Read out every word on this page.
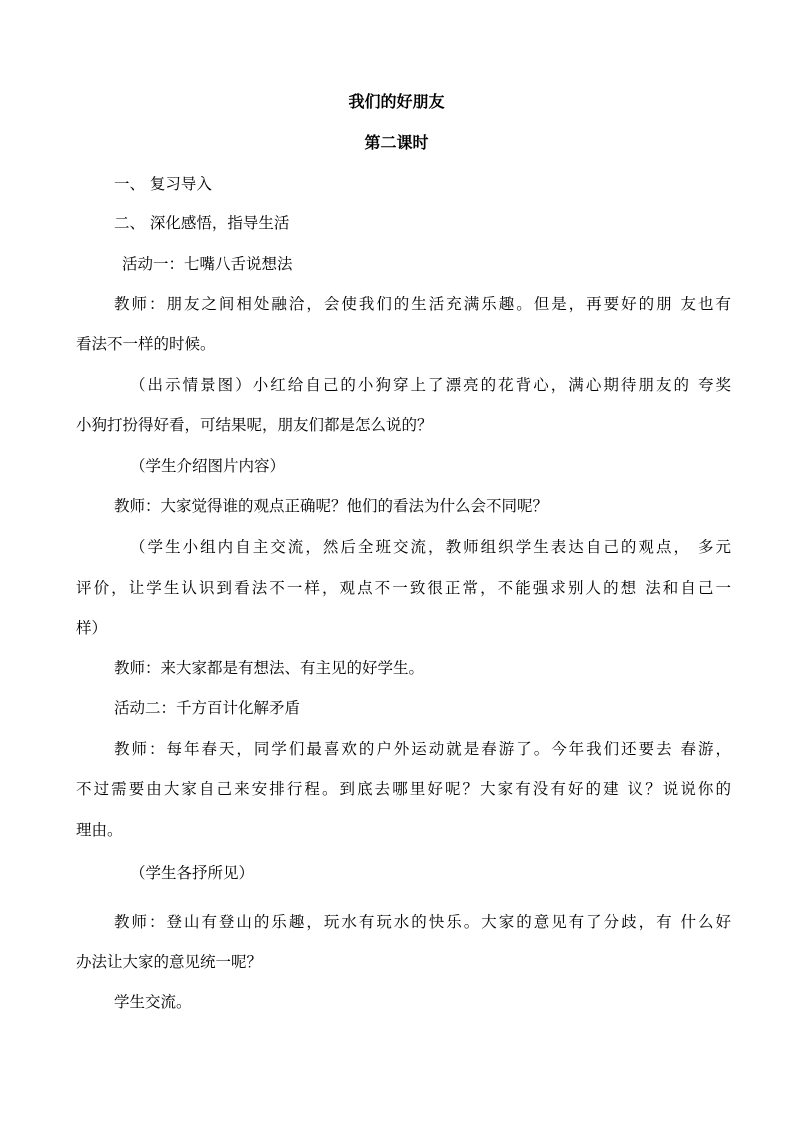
我们的好朋友
第二课时

一、 复习导入

二、 深化感悟，指导生活

活动一：七嘴八舌说想法

教师：朋友之间相处融洽，会使我们的生活充满乐趣。但是，再要好的朋 友也有

看法不一样的时候。

（出示情景图）小红给自己的小狗穿上了漂亮的花背心，满心期待朋友的 夸奖

小狗打扮得好看，可结果呢，朋友们都是怎么说的？

（学生介绍图片内容）

教师：大家觉得谁的观点正确呢？他们的看法为什么会不同呢？

（学生小组内自主交流，然后全班交流，教师组织学生表达自己的观点， 多元

评价，让学生认识到看法不一样，观点不一致很正常，不能强求别人的想 法和自己一

样）

教师：来大家都是有想法、有主见的好学生。

活动二：千方百计化解矛盾

教师：每年春天，同学们最喜欢的户外运动就是春游了。今年我们还要去 春游，

不过需要由大家自己来安排行程。到底去哪里好呢？大家有没有好的建 议？说说你的

理由。

（学生各抒所见）

教师：登山有登山的乐趣，玩水有玩水的快乐。大家的意见有了分歧，有 什么好

办法让大家的意见统一呢？

学生交流。
